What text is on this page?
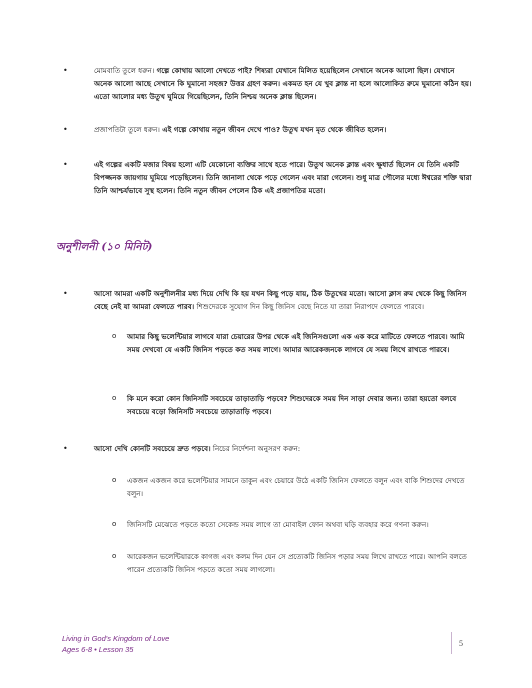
•	মোমবাতি তুলে ধরুন। গল্পে কোথায় আলো দেখতে পাই? শিষ্যরা যেখানে মিলিত হয়েছিলেন সেখানে অনেক আলো ছিল। যেখানে অনেক আলো আছে সেখানে কি ঘুমানো সহজ? উত্তর গ্রহণ করুন। একমত হন যে খুব ক্লান্ত না হলে আলোকিত রুমে ঘুমানো কঠিন হয়। এতো আলোর মধ্য উতুখ ঘুমিয়ে গিয়েছিলেন, তিনি নিশ্চয় অনেক ক্লান্ত ছিলেন।
•	প্রজাপতিটা তুলে ধরুন। এই গল্পে কোথায় নতুন জীবন দেখে পাও? উতুখ যখন মৃত থেকে জীবিত হলেন।
•	এই গল্পের একটি মজার বিষয় হলো এটি যেকোনো ব্যক্তির সাথে হতে পারে। উতুখ অনেক ক্লান্ত এবং ক্ষুধার্ত ছিলেন যে তিনি একটি বিপজ্জনক জায়গায় ঘুমিয়ে পড়েছিলেন। তিনি জানালা থেকে পড়ে গেলেন এবং মারা গেলেন। শুধু মাত্র পৌলের মধ্যে ঈশ্বরের শক্তি দ্বারা তিনি আশ্চর্যভাবে সুস্থ হলেন। তিনি নতুন জীবন পেলেন ঠিক এই প্রজাপতির মতো।
অনুশীলনী (১০ মিনিট)
•	আসো আমরা একটি অনুশীলনীর মধ্য দিয়ে দেখি কি হয় যখন কিছু পড়ে যায়, ঠিক উতুখের মতো। আসো ক্লাস রুম থেকে কিছু জিনিস বেছে নেই যা আমরা ফেলতে পারব। শিশুদেরকে সুযোগ দিন কিছু জিনিস বেছে নিতে যা তারা নিরাপদে ফেলতে পারবে।
o আমার কিছু ভলেন্টিয়ার লাগবে যারা চেয়ারের উপর থেকে এই জিনিসগুলো এক এক করে মাটিতে ফেলতে পারবে। আমি সময় দেখবো যে একটি জিনিস পড়তে কত সময় লাগে। আমার আরেকজনকে লাগবে যে সময় লিখে রাখতে পারবে।
o কি মনে করো কোন জিনিসটি সবচেয়ে তাড়াতাড়ি পড়বে? শিশুদেরকে সময় দিন সাড়া দেবার জন্য। তারা হয়তো বলবে সবচেয়ে বড়ো জিনিসটি সবচেয়ে তাড়াতাড়ি পড়বে।
•	আসো দেখি কোনটি সবচেয়ে দ্রুত পড়বে। নিচের নির্দেশনা অনুসরণ করুন:
o একজন একজন করে ভলেন্টিয়ার সামনে ডাকুন এবং চেয়ারে উঠে একটি জিনিস ফেলতে বলুন এবং বাকি শিশুদের দেখতে বলুন।
o জিনিসটি মেঝেতে পড়তে কতো সেকেন্ড সময় লাগে তা মোবাইল ফোন অথবা ঘড়ি ব্যবহার করে গণনা করুন।
o আরেকজন ভলেন্টিয়ারকে কাগজ এবং কলম দিন যেন সে প্রত্যেকটি জিনিস পড়ার সময় লিখে রাখতে পারে। আপনি বলতে পারেন প্রত্যেকটি জিনিস পড়তে কতো সময় লাগলো।
Living in God's Kingdom of Love
Ages 6-8 • Lesson 35
5
